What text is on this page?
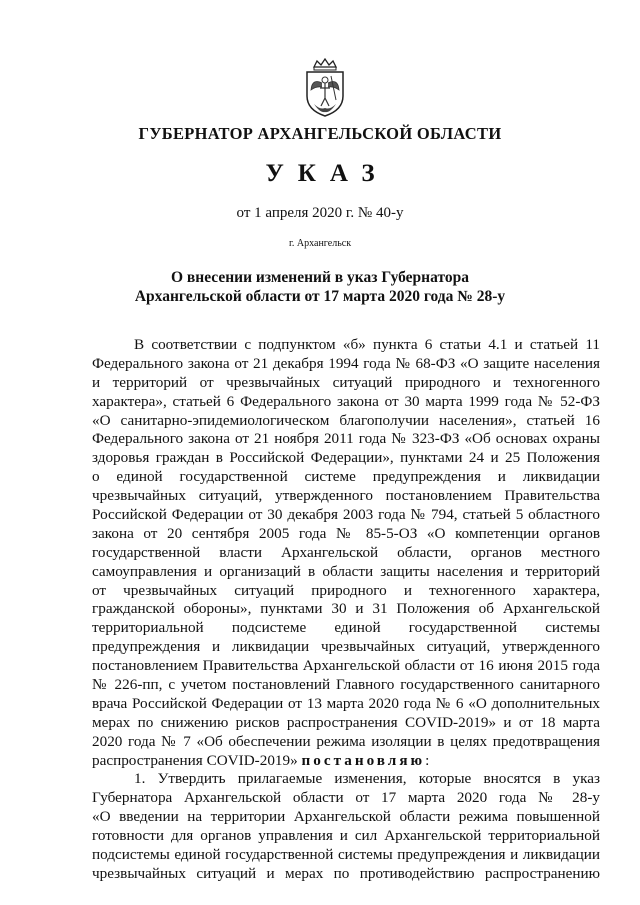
ГУБЕРНАТОР АРХАНГЕЛЬСКОЙ ОБЛАСТИ
УКАЗ
от 1 апреля 2020 г. № 40-у
г. Архангельск
О внесении изменений в указ Губернатора
Архангельской области от 17 марта 2020 года № 28-у
В соответствии с подпунктом «б» пункта 6 статьи 4.1 и статьей 11
Федерального закона от 21 декабря 1994 года № 68-ФЗ «О защите населения
и территорий от чрезвычайных ситуаций природного и техногенного
характера», статьей 6 Федерального закона от 30 марта 1999 года № 52-ФЗ
«О санитарно-эпидемиологическом благополучии населения», статьей 16
Федерального закона от 21 ноября 2011 года № 323-ФЗ «Об основах охраны
здоровья граждан в Российской Федерации», пунктами 24 и 25 Положения
о единой государственной системе предупреждения и ликвидации
чрезвычайных ситуаций, утвержденного постановлением Правительства
Российской Федерации от 30 декабря 2003 года № 794, статьей 5 областного
закона от 20 сентября 2005 года № 85-5-ОЗ «О компетенции органов
государственной власти Архангельской области, органов местного
самоуправления и организаций в области защиты населения и территорий
от чрезвычайных ситуаций природного и техногенного характера,
гражданской обороны», пунктами 30 и 31 Положения об Архангельской
территориальной подсистеме единой государственной системы
предупреждения и ликвидации чрезвычайных ситуаций, утвержденного
постановлением Правительства Архангельской области от 16 июня 2015 года
№ 226-пп, с учетом постановлений Главного государственного санитарного
врача Российской Федерации от 13 марта 2020 года № 6 «О дополнительных
мерах по снижению рисков распространения COVID-2019» и от 18 марта
2020 года № 7 «Об обеспечении режима изоляции в целях предотвращения
распространения COVID-2019» постановляю:
1. Утвердить прилагаемые изменения, которые вносятся в указ
Губернатора Архангельской области от 17 марта 2020 года № 28-у
«О введении на территории Архангельской области режима повышенной
готовности для органов управления и сил Архангельской территориальной
подсистемы единой государственной системы предупреждения и ликвидации
чрезвычайных ситуаций и мерах по противодействию распространению
